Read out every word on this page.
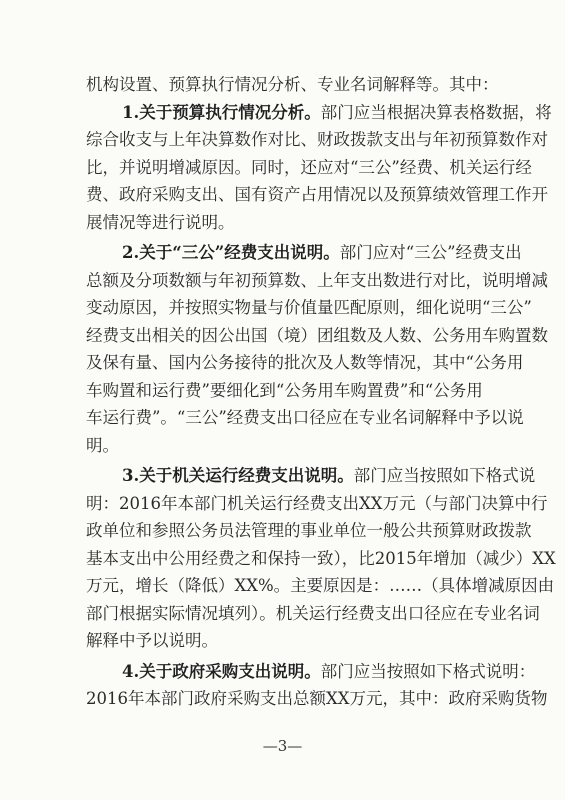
机构设置、预算执行情况分析、专业名词解释等。其中：
1.关于预算执行情况分析。部门应当根据决算表格数据，将
综合收支与上年决算数作对比、财政拨款支出与年初预算数作对
比，并说明增减原因。同时，还应对“三公”经费、机关运行经
费、政府采购支出、国有资产占用情况以及预算绩效管理工作开
展情况等进行说明。
2.关于“三公”经费支出说明。部门应对“三公”经费支出
总额及分项数额与年初预算数、上年支出数进行对比，说明增减
变动原因，并按照实物量与价值量匹配原则，细化说明“三公”
经费支出相关的因公出国（境）团组数及人数、公务用车购置数
及保有量、国内公务接待的批次及人数等情况，其中“公务用
车购置和运行费”要细化到“公务用车购置费”和“公务用
车运行费”。“三公”经费支出口径应在专业名词解释中予以说
明。
3.关于机关运行经费支出说明。部门应当按照如下格式说
明：2016年本部门机关运行经费支出XX万元（与部门决算中行
政单位和参照公务员法管理的事业单位一般公共预算财政拨款
基本支出中公用经费之和保持一致），比2015年增加（减少）XX
万元，增长（降低）XX%。主要原因是：……（具体增减原因由
部门根据实际情况填列）。机关运行经费支出口径应在专业名词
解释中予以说明。
—3—
4.关于政府采购支出说明。部门应当按照如下格式说明：
2016年本部门政府采购支出总额XX万元，其中：政府采购货物
